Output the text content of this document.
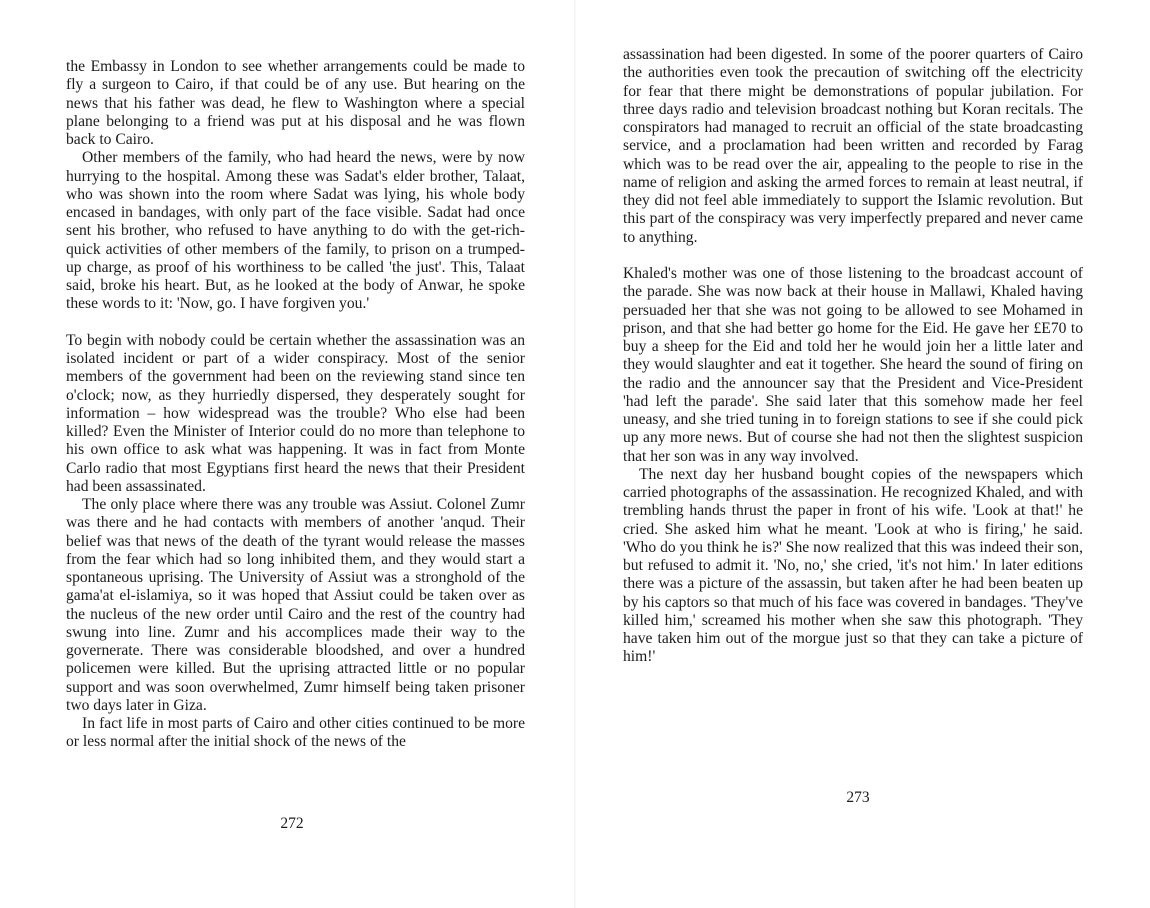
the Embassy in London to see whether arrangements could be made to fly a surgeon to Cairo, if that could be of any use. But hearing on the news that his father was dead, he flew to Washington where a special plane belonging to a friend was put at his disposal and he was flown back to Cairo.

Other members of the family, who had heard the news, were by now hurrying to the hospital. Among these was Sadat's elder brother, Talaat, who was shown into the room where Sadat was lying, his whole body encased in bandages, with only part of the face visible. Sadat had once sent his brother, who refused to have anything to do with the get-rich-quick activities of other members of the family, to prison on a trumped-up charge, as proof of his worthiness to be called 'the just'. This, Talaat said, broke his heart. But, as he looked at the body of Anwar, he spoke these words to it: 'Now, go. I have forgiven you.'

To begin with nobody could be certain whether the assassination was an isolated incident or part of a wider conspiracy. Most of the senior members of the government had been on the reviewing stand since ten o'clock; now, as they hurriedly dispersed, they desperately sought for information – how widespread was the trouble? Who else had been killed? Even the Minister of Interior could do no more than telephone to his own office to ask what was happening. It was in fact from Monte Carlo radio that most Egyptians first heard the news that their President had been assassinated.

The only place where there was any trouble was Assiut. Colonel Zumr was there and he had contacts with members of another 'anqud. Their belief was that news of the death of the tyrant would release the masses from the fear which had so long inhibited them, and they would start a spontaneous uprising. The University of Assiut was a stronghold of the gama'at el-islamiya, so it was hoped that Assiut could be taken over as the nucleus of the new order until Cairo and the rest of the country had swung into line. Zumr and his accomplices made their way to the governerate. There was considerable bloodshed, and over a hundred policemen were killed. But the uprising attracted little or no popular support and was soon overwhelmed, Zumr himself being taken prisoner two days later in Giza.

In fact life in most parts of Cairo and other cities continued to be more or less normal after the initial shock of the news of the

272

assassination had been digested. In some of the poorer quarters of Cairo the authorities even took the precaution of switching off the electricity for fear that there might be demonstrations of popular jubilation. For three days radio and television broadcast nothing but Koran recitals. The conspirators had managed to recruit an official of the state broadcasting service, and a proclamation had been written and recorded by Farag which was to be read over the air, appealing to the people to rise in the name of religion and asking the armed forces to remain at least neutral, if they did not feel able immediately to support the Islamic revolution. But this part of the conspiracy was very imperfectly prepared and never came to anything.

Khaled's mother was one of those listening to the broadcast account of the parade. She was now back at their house in Mallawi, Khaled having persuaded her that she was not going to be allowed to see Mohamed in prison, and that she had better go home for the Eid. He gave her £E70 to buy a sheep for the Eid and told her he would join her a little later and they would slaughter and eat it together. She heard the sound of firing on the radio and the announcer say that the President and Vice-President 'had left the parade'. She said later that this somehow made her feel uneasy, and she tried tuning in to foreign stations to see if she could pick up any more news. But of course she had not then the slightest suspicion that her son was in any way involved.

The next day her husband bought copies of the newspapers which carried photographs of the assassination. He recognized Khaled, and with trembling hands thrust the paper in front of his wife. 'Look at that!' he cried. She asked him what he meant. 'Look at who is firing,' he said. 'Who do you think he is?' She now realized that this was indeed their son, but refused to admit it. 'No, no,' she cried, 'it's not him.' In later editions there was a picture of the assassin, but taken after he had been beaten up by his captors so that much of his face was covered in bandages. 'They've killed him,' screamed his mother when she saw this photograph. 'They have taken him out of the morgue just so that they can take a picture of him!'

273
